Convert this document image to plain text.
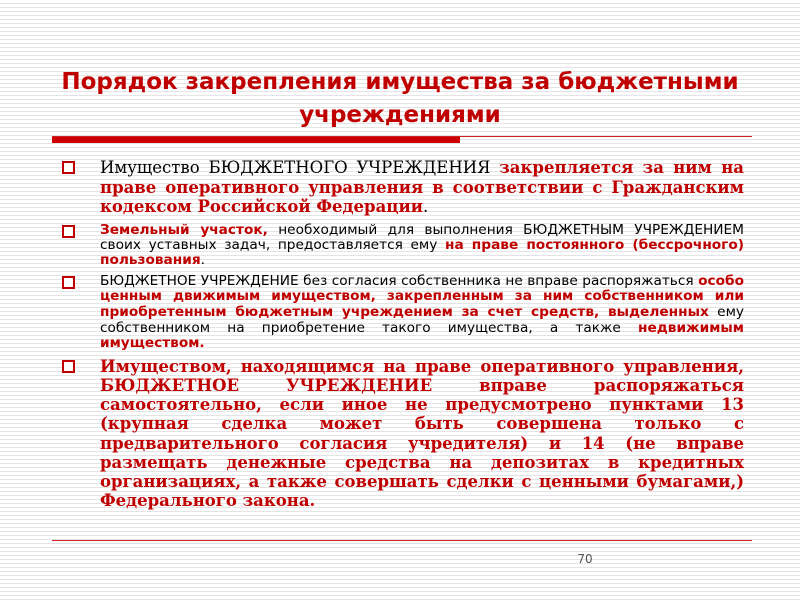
Порядок закрепления имущества за бюджетными учреждениями
Имущество БЮДЖЕТНОГО УЧРЕЖДЕНИЯ закрепляется за ним на праве оперативного управления в соответствии с Гражданским кодексом Российской Федерации.
Земельный участок, необходимый для выполнения БЮДЖЕТНЫМ УЧРЕЖДЕНИЕМ своих уставных задач, предоставляется ему на праве постоянного (бессрочного) пользования.
БЮДЖЕТНОЕ УЧРЕЖДЕНИЕ без согласия собственника не вправе распоряжаться особо ценным движимым имуществом, закрепленным за ним собственником или приобретенным бюджетным учреждением за счет средств, выделенных ему собственником на приобретение такого имущества, а также недвижимым имуществом.
Имуществом, находящимся на праве оперативного управления, БЮДЖЕТНОЕ УЧРЕЖДЕНИЕ вправе распоряжаться самостоятельно, если иное не предусмотрено пунктами 13 (крупная сделка может быть совершена только с предварительного согласия учредителя) и 14 (не вправе размещать денежные средства на депозитах в кредитных организациях, а также совершать сделки с ценными бумагами,) Федерального закона.
70
